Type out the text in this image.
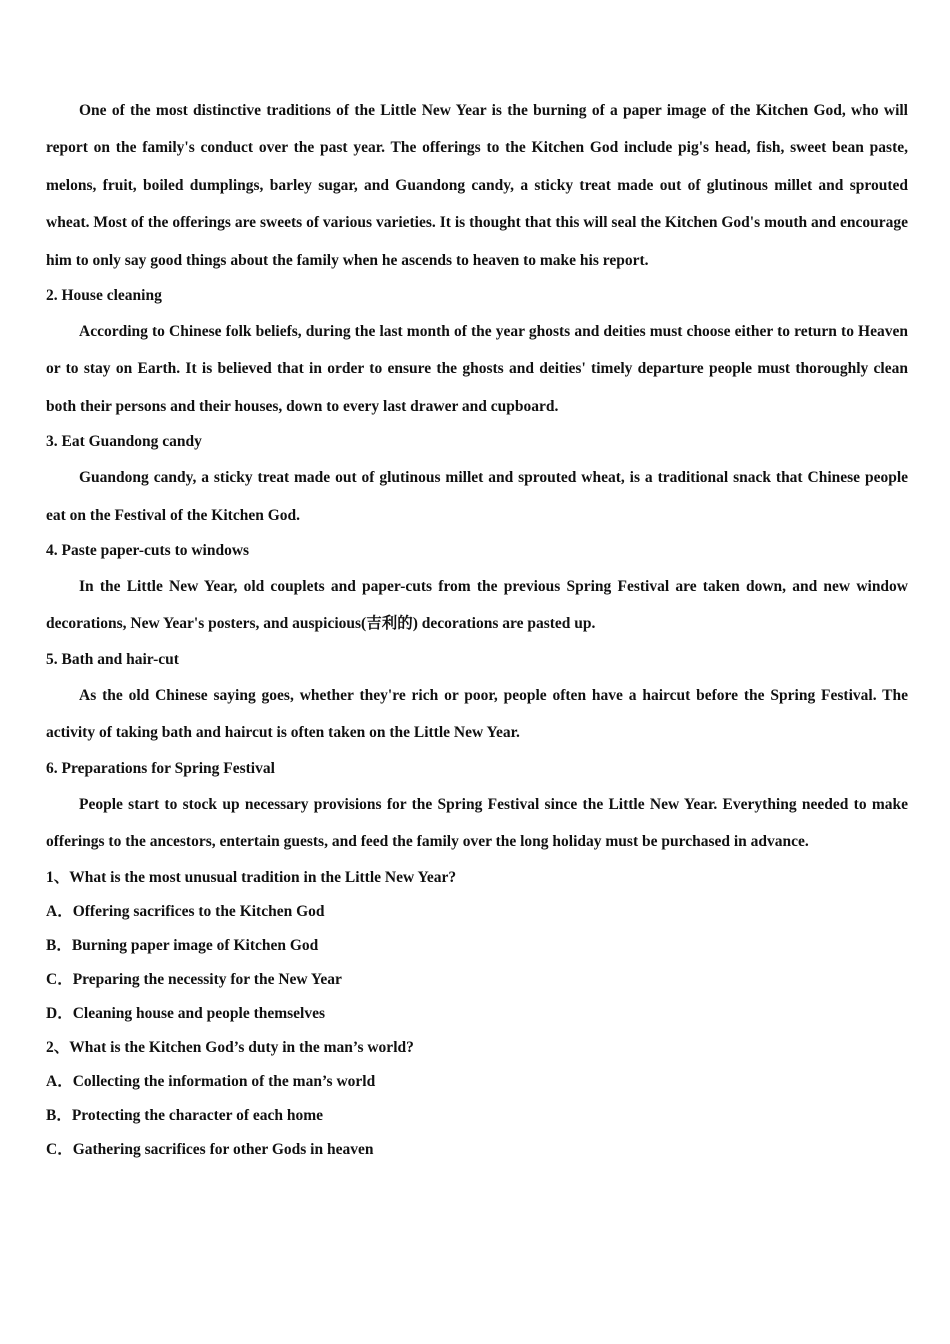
One of the most distinctive traditions of the Little New Year is the burning of a paper image of the Kitchen God, who will report on the family's conduct over the past year. The offerings to the Kitchen God include pig's head, fish, sweet bean paste, melons, fruit, boiled dumplings, barley sugar, and Guandong candy, a sticky treat made out of glutinous millet and sprouted wheat. Most of the offerings are sweets of various varieties. It is thought that this will seal the Kitchen God's mouth and encourage him to only say good things about the family when he ascends to heaven to make his report.

2. House cleaning

According to Chinese folk beliefs, during the last month of the year ghosts and deities must choose either to return to Heaven or to stay on Earth. It is believed that in order to ensure the ghosts and deities' timely departure people must thoroughly clean both their persons and their houses, down to every last drawer and cupboard.

3. Eat Guandong candy

Guandong candy, a sticky treat made out of glutinous millet and sprouted wheat, is a traditional snack that Chinese people eat on the Festival of the Kitchen God.

4. Paste paper-cuts to windows

In the Little New Year, old couplets and paper-cuts from the previous Spring Festival are taken down, and new window decorations, New Year's posters, and auspicious(吉利的) decorations are pasted up.

5. Bath and hair-cut

As the old Chinese saying goes, whether they're rich or poor, people often have a haircut before the Spring Festival. The activity of taking bath and haircut is often taken on the Little New Year.

6. Preparations for Spring Festival

People start to stock up necessary provisions for the Spring Festival since the Little New Year. Everything needed to make offerings to the ancestors, entertain guests, and feed the family over the long holiday must be purchased in advance.

1、What is the most unusual tradition in the Little New Year?

A．Offering sacrifices to the Kitchen God

B．Burning paper image of Kitchen God

C．Preparing the necessity for the New Year

D．Cleaning house and people themselves

2、What is the Kitchen God’s duty in the man’s world?

A．Collecting the information of the man’s world

B．Protecting the character of each home

C．Gathering sacrifices for other Gods in heaven
